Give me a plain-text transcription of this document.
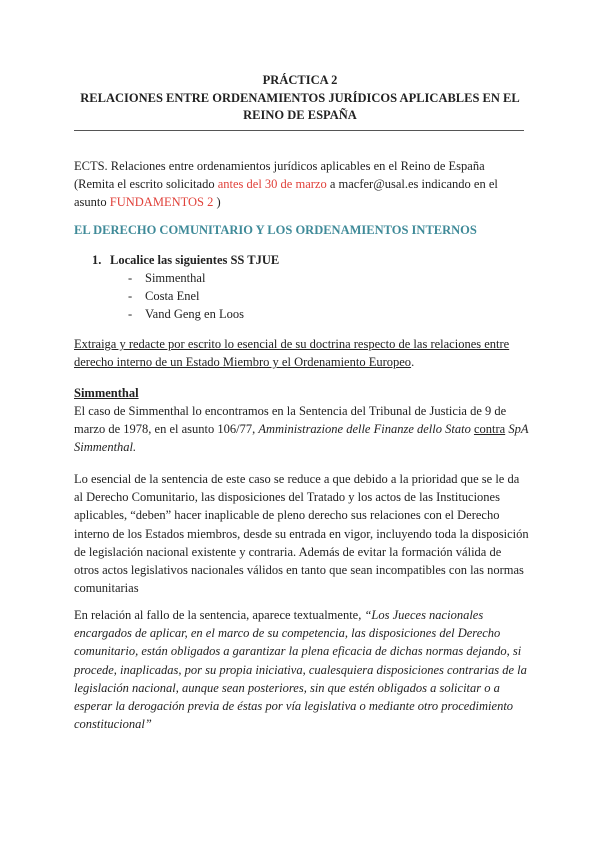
PRÁCTICA 2
RELACIONES ENTRE ORDENAMIENTOS JURÍDICOS APLICABLES EN EL REINO DE ESPAÑA
ECTS. Relaciones entre ordenamientos jurídicos aplicables en el Reino de España
(Remita el escrito solicitado antes del 30 de marzo a macfer@usal.es indicando en el asunto FUNDAMENTOS 2 )
EL DERECHO COMUNITARIO Y LOS ORDENAMIENTOS INTERNOS
1. Localice las siguientes SS TJUE
- Simmenthal
- Costa Enel
- Vand Geng en Loos
Extraiga y redacte por escrito lo esencial de su doctrina respecto de las relaciones entre derecho interno de un Estado Miembro y el Ordenamiento Europeo.
Simmenthal
El caso de Simmenthal lo encontramos en la Sentencia del Tribunal de Justicia de 9 de marzo de 1978, en el asunto 106/77, Amministrazione delle Finanze dello Stato contra SpA Simmenthal.
Lo esencial de la sentencia de este caso se reduce a que debido a la prioridad que se le da al Derecho Comunitario, las disposiciones del Tratado y los actos de las Instituciones aplicables, “deben” hacer inaplicable de pleno derecho sus relaciones con el Derecho interno de los Estados miembros, desde su entrada en vigor, incluyendo toda la disposición de legislación nacional existente y contraria. Además de evitar la formación válida de otros actos legislativos nacionales válidos en tanto que sean incompatibles con las normas comunitarias
En relación al fallo de la sentencia, aparece textualmente, “Los Jueces nacionales encargados de aplicar, en el marco de su competencia, las disposiciones del Derecho comunitario, están obligados a garantizar la plena eficacia de dichas normas dejando, si procede, inaplicadas, por su propia iniciativa, cualesquiera disposiciones contrarias de la legislación nacional, aunque sean posteriores, sin que estén obligados a solicitar o a esperar la derogación previa de éstas por vía legislativa o mediante otro procedimiento constitucional”
